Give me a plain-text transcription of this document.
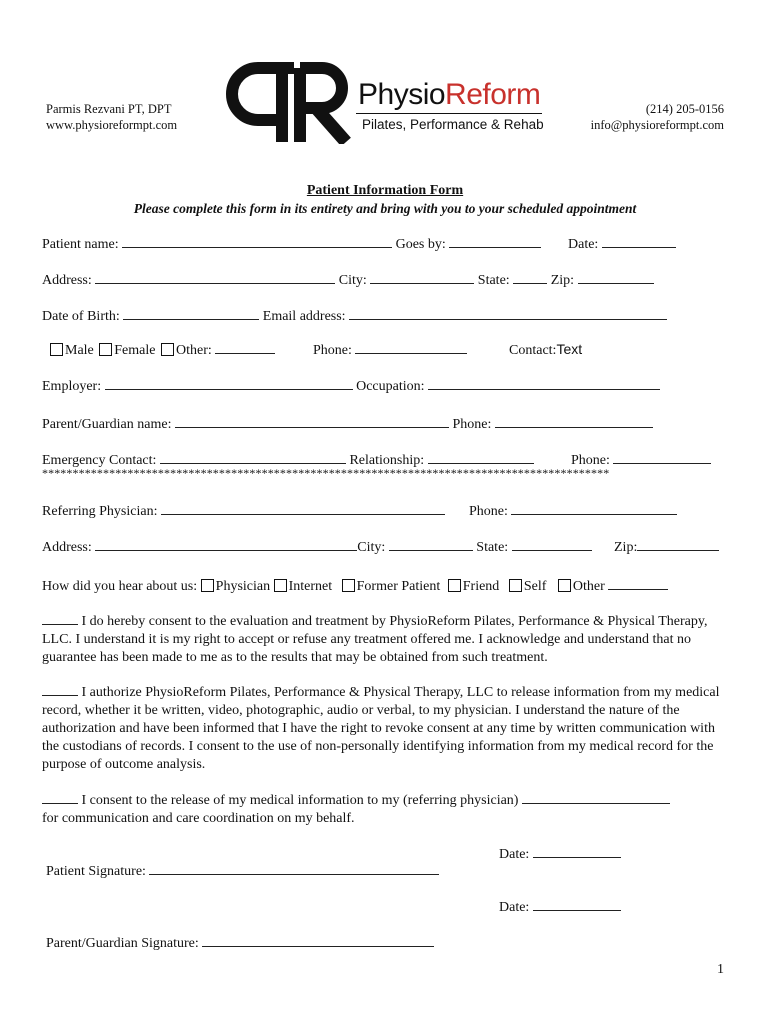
Parmis Rezvani PT, DPT
www.physioreformpt.com
(214) 205-0156
info@physioreformpt.com
PhysioReform
Pilates, Performance & Rehab
Patient Information Form
Please complete this form in its entirety and bring with you to your scheduled appointment
Patient name:	Goes by:	Date:
Address:	City:	State:	Zip:
Date of Birth:	Email address:
Male Female Other:	Phone:	Contact:Text
Employer:	Occupation:
Parent/Guardian name:	Phone:
Emergency Contact:	Relationship:	Phone:
*********************************************************************************************
Referring Physician:	Phone:
Address:	City:	State:	Zip:
How did you hear about us: Physician Internet Former Patient Friend Self Other
I do hereby consent to the evaluation and treatment by PhysioReform Pilates, Performance & Physical Therapy, LLC. I understand it is my right to accept or refuse any treatment offered me. I acknowledge and understand that no guarantee has been made to me as to the results that may be obtained from such treatment.
I authorize PhysioReform Pilates, Performance & Physical Therapy, LLC to release information from my medical record, whether it be written, video, photographic, audio or verbal, to my physician. I understand the nature of the authorization and have been informed that I have the right to revoke consent at any time by written communication with the custodians of records. I consent to the use of non-personally identifying information from my medical record for the purpose of outcome analysis.
I consent to the release of my medical information to my (referring physician)
for communication and care coordination on my behalf.
Date:
Patient Signature:
Date:
Parent/Guardian Signature:
1
